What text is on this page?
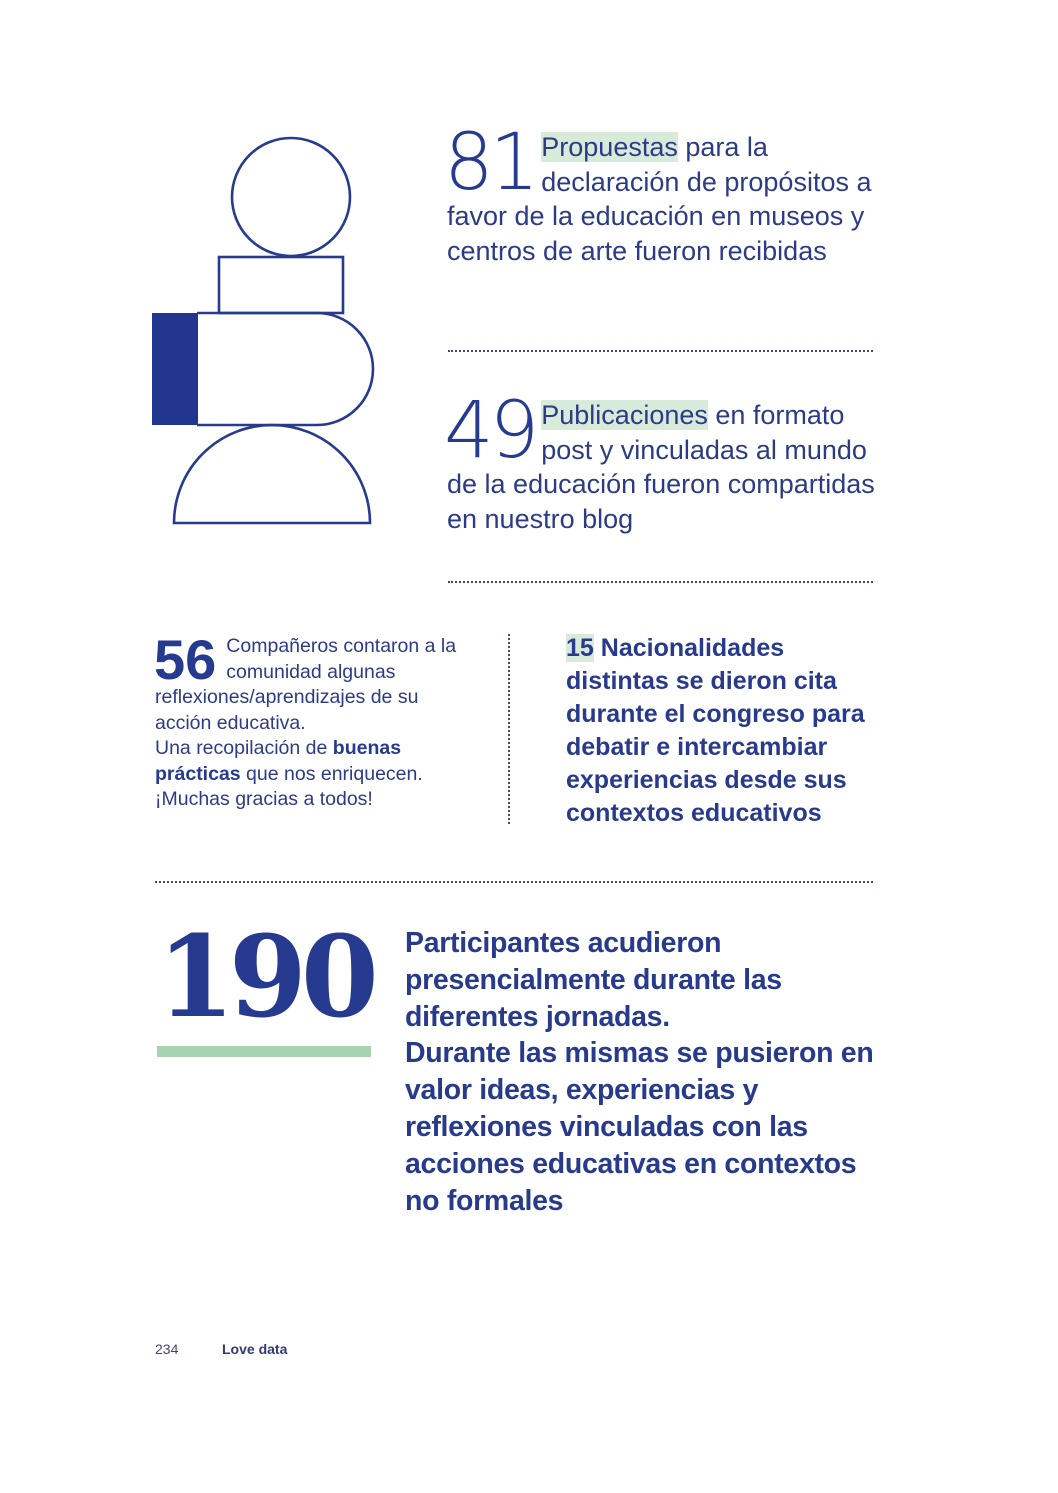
81 Propuestas para la declaración de propósitos a favor de la educación en museos y centros de arte fueron recibidas
49 Publicaciones en formato post y vinculadas al mundo de la educación fueron compartidas en nuestro blog
56 Compañeros contaron a la comunidad algunas reflexiones/aprendizajes de su acción educativa.
Una recopilación de buenas prácticas que nos enriquecen.
¡Muchas gracias a todos!
15 Nacionalidades distintas se dieron cita durante el congreso para debatir e intercambiar experiencias desde sus contextos educativos
190 Participantes acudieron presencialmente durante las diferentes jornadas.
Durante las mismas se pusieron en valor ideas, experiencias y reflexiones vinculadas con las acciones educativas en contextos no formales
234	Love data
